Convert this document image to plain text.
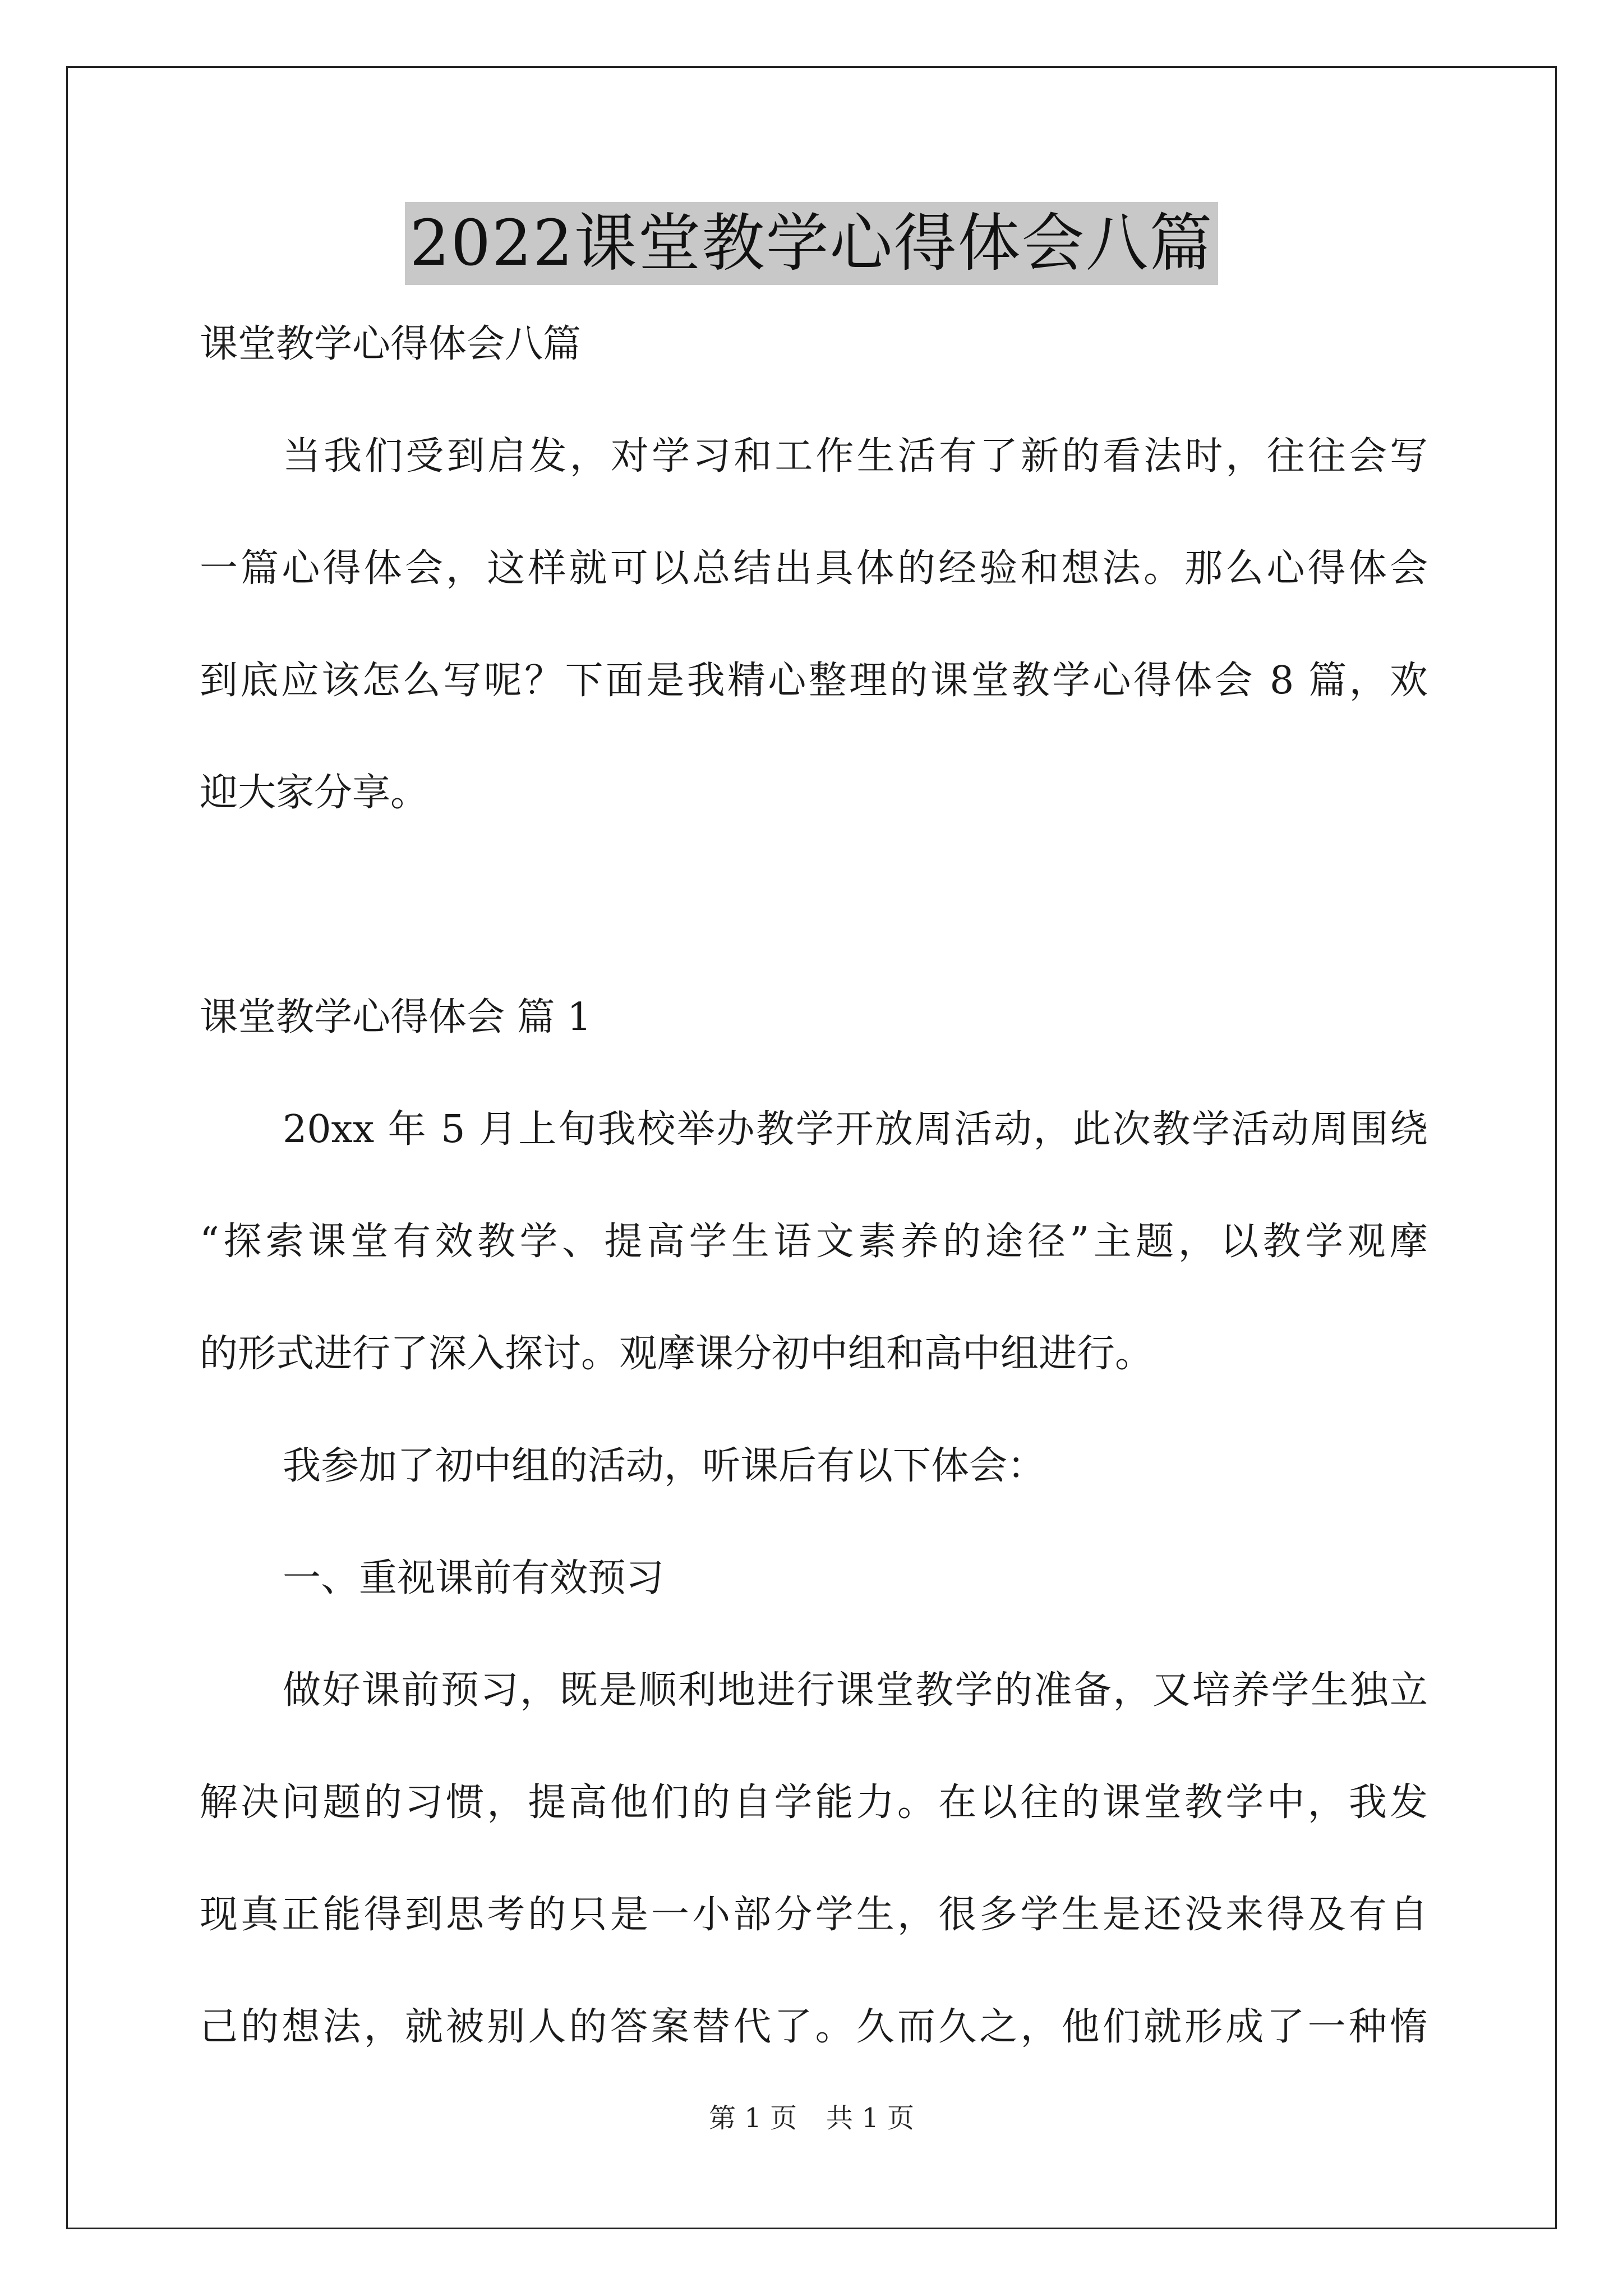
2022课堂教学心得体会八篇
课堂教学心得体会八篇
当我们受到启发，对学习和工作生活有了新的看法时，往往会写
一篇心得体会，这样就可以总结出具体的经验和想法。那么心得体会
到底应该怎么写呢？下面是我精心整理的课堂教学心得体会 8 篇，欢
迎大家分享。
课堂教学心得体会 篇 1
20xx 年 5 月上旬我校举办教学开放周活动，此次教学活动周围绕
“探索课堂有效教学、提高学生语文素养的途径”主题，以教学观摩
的形式进行了深入探讨。观摩课分初中组和高中组进行。
我参加了初中组的活动，听课后有以下体会：
一、重视课前有效预习
做好课前预习，既是顺利地进行课堂教学的准备，又培养学生独立
解决问题的习惯，提高他们的自学能力。在以往的课堂教学中，我发
现真正能得到思考的只是一小部分学生，很多学生是还没来得及有自
己的想法，就被别人的答案替代了。久而久之，他们就形成了一种惰
第 1 页 共 1 页
